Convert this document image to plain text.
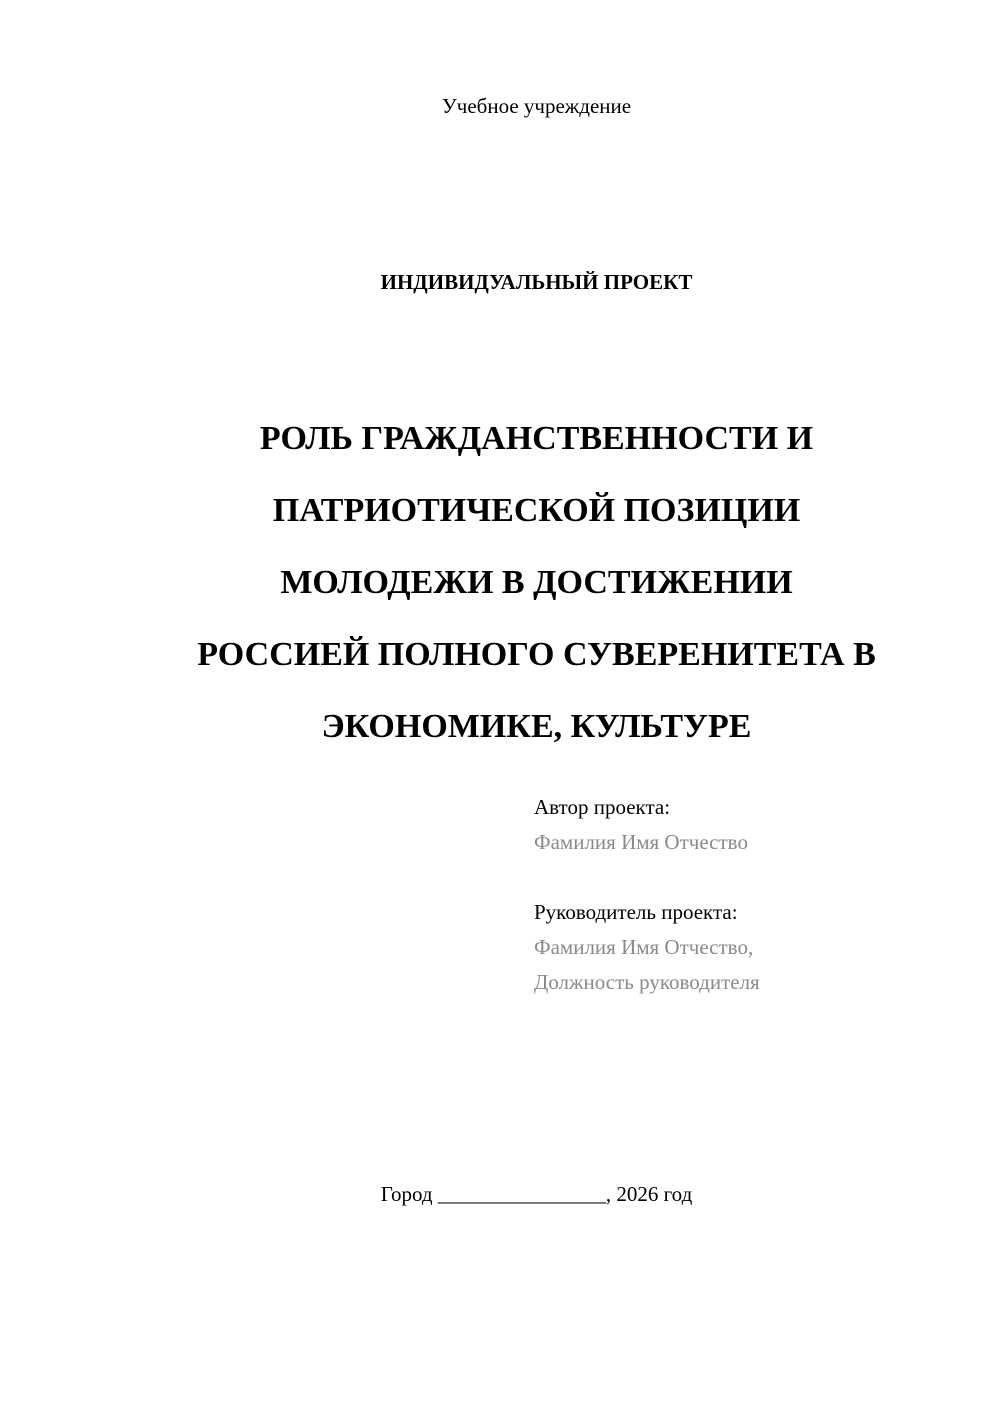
Учебное учреждение
ИНДИВИДУАЛЬНЫЙ ПРОЕКТ

РОЛЬ ГРАЖДАНСТВЕННОСТИ И

ПАТРИОТИЧЕСКОЙ ПОЗИЦИИ

МОЛОДЕЖИ В ДОСТИЖЕНИИ

РОССИЕЙ ПОЛНОГО СУВЕРЕНИТЕТА В

ЭКОНОМИКЕ, КУЛЬТУРЕ

Автор проекта:
Фамилия Имя Отчество
Руководитель проекта:
Фамилия Имя Отчество,
Должность руководителя
Город ________________, 2026 год
